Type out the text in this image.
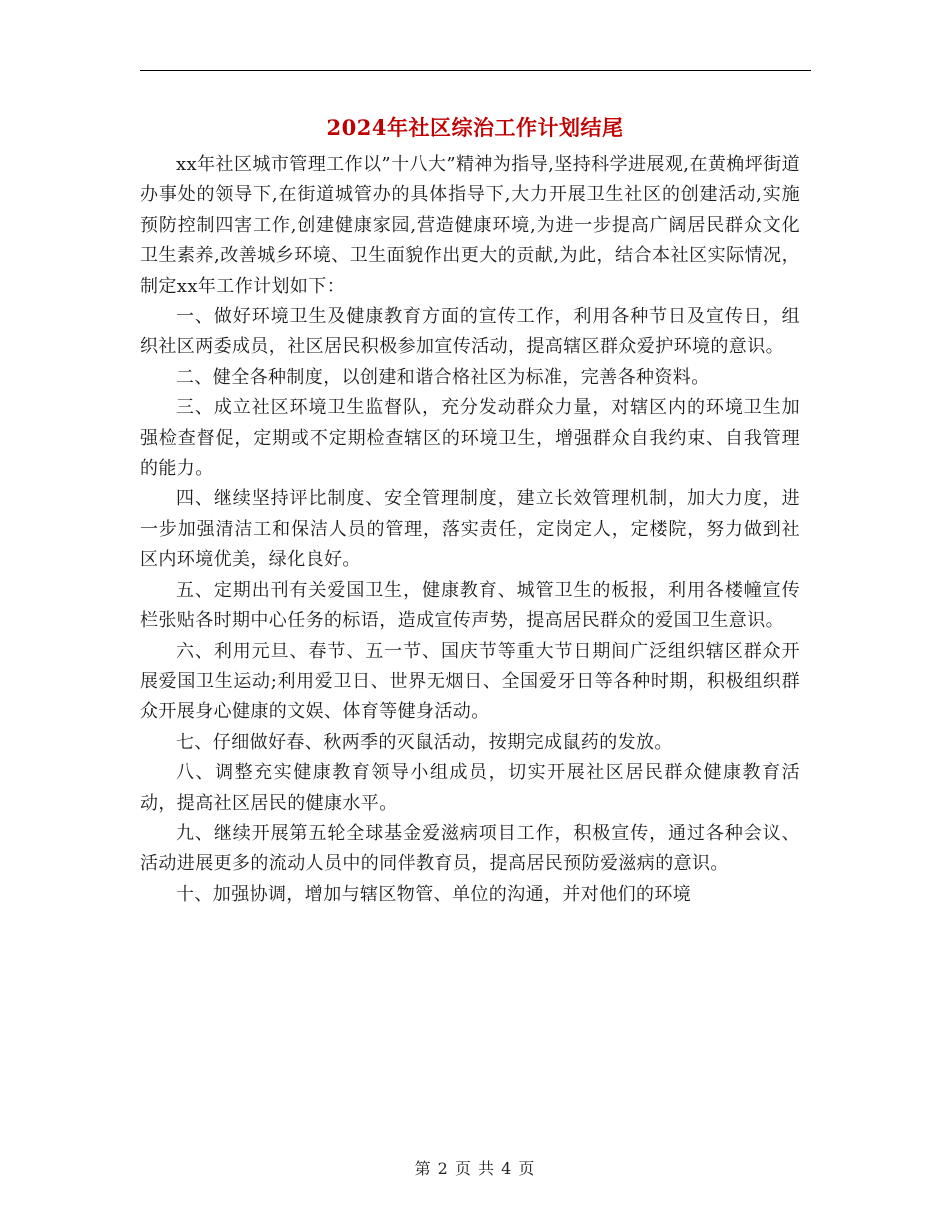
2024年社区综治工作计划结尾

xx年社区城市管理工作以”十八大”精神为指导,坚持科学进展观,在黄桷坪街道办事处的领导下,在街道城管办的具体指导下,大力开展卫生社区的创建活动,实施预防控制四害工作,创建健康家园,营造健康环境,为进一步提高广阔居民群众文化卫生素养,改善城乡环境、卫生面貌作出更大的贡献,为此，结合本社区实际情况，制定xx年工作计划如下：

一、做好环境卫生及健康教育方面的宣传工作，利用各种节日及宣传日，组织社区两委成员，社区居民积极参加宣传活动，提高辖区群众爱护环境的意识。

二、健全各种制度，以创建和谐合格社区为标准，完善各种资料。

三、成立社区环境卫生监督队，充分发动群众力量，对辖区内的环境卫生加强检查督促，定期或不定期检查辖区的环境卫生，增强群众自我约束、自我管理的能力。

四、继续坚持评比制度、安全管理制度，建立长效管理机制，加大力度，进一步加强清洁工和保洁人员的管理，落实责任，定岗定人，定楼院，努力做到社区内环境优美，绿化良好。

五、定期出刊有关爱国卫生，健康教育、城管卫生的板报，利用各楼幢宣传栏张贴各时期中心任务的标语，造成宣传声势，提高居民群众的爱国卫生意识。

六、利用元旦、春节、五一节、国庆节等重大节日期间广泛组织辖区群众开展爱国卫生运动;利用爱卫日、世界无烟日、全国爱牙日等各种时期，积极组织群众开展身心健康的文娱、体育等健身活动。

七、仔细做好春、秋两季的灭鼠活动，按期完成鼠药的发放。

八、调整充实健康教育领导小组成员，切实开展社区居民群众健康教育活动，提高社区居民的健康水平。

九、继续开展第五轮全球基金爱滋病项目工作，积极宣传，通过各种会议、活动进展更多的流动人员中的同伴教育员，提高居民预防爱滋病的意识。

十、加强协调，增加与辖区物管、单位的沟通，并对他们的环境

第 2 页 共 4 页
